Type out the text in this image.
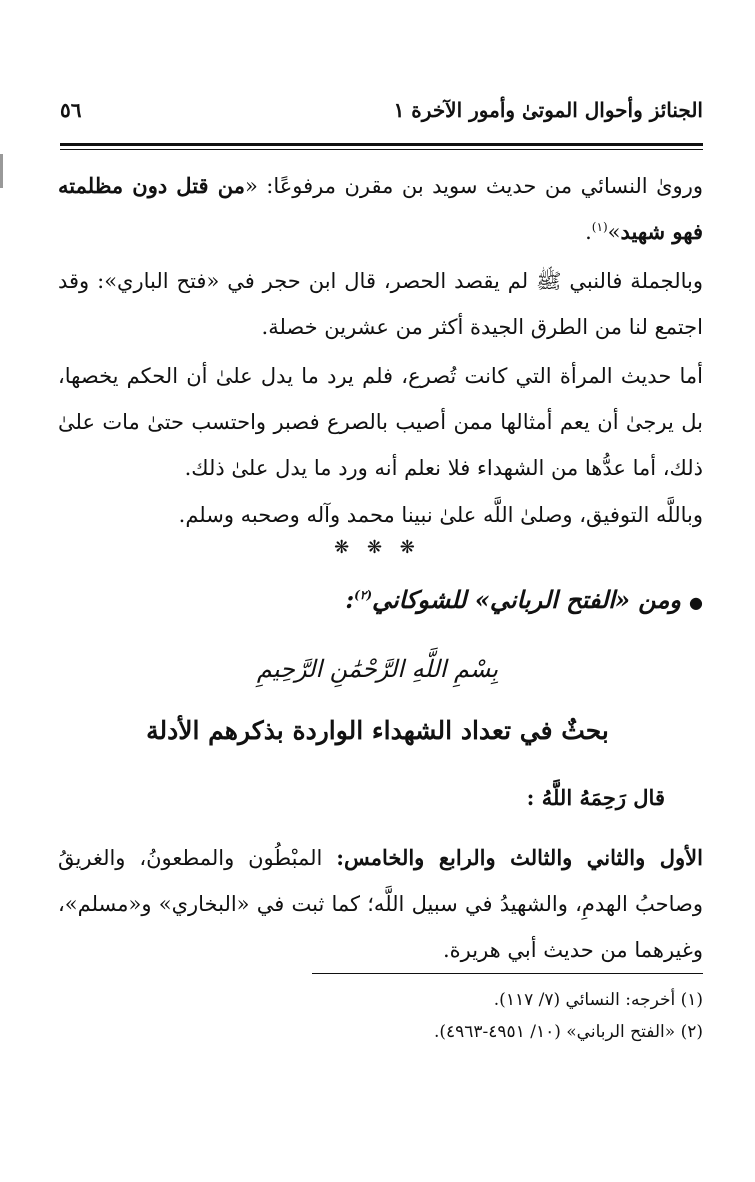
الجنائز وأحوال الموتىٰ وأمور الآخرة ١
٥٦
ورویٰ النسائي من حديث سويد بن مقرن مرفوعًا: «من قتل دون مظلمته فهو شهيد»$^{(١)}$.
وبالجملة فالنبي ﷺ لم يقصد الحصر، قال ابن حجر في «فتح الباري»: وقد اجتمع لنا من الطرق الجيدة أكثر من عشرين خصلة.
أما حديث المرأة التي كانت تُصرع، فلم يرد ما يدل علىٰ أن الحكم يخصها، بل يرجىٰ أن يعم أمثالها ممن أصيب بالصرع فصبر واحتسب حتىٰ مات علىٰ ذلك، أما عدُّها من الشهداء فلا نعلم أنه ورد ما يدل علىٰ ذلك.
وباللَّه التوفيق، وصلىٰ اللَّه علىٰ نبينا محمد وآله وصحبه وسلم.
❋ ❋ ❋
●ومن «الفتح الرباني» للشوكاني$^{(٢)}$:
بِسْمِ اللَّهِ الرَّحْمَٰنِ الرَّحِيمِ
بحثٌ في تعداد الشهداء الواردة بذكرهم الأدلة
قال رَحِمَهُ اللَّهُ :
الأول والثاني والثالث والرابع والخامس: المبْطُون والمطعونُ، والغريقُ وصاحبُ الهدمِ، والشهيدُ في سبيل اللَّه؛ كما ثبت في «البخاري» و«مسلم»، وغيرهما من حديث أبي هريرة.
(١) أخرجه: النسائي (٧/ ١١٧).
(٢) «الفتح الرباني» (١٠/ ٤٩٥١-٤٩٦٣).
